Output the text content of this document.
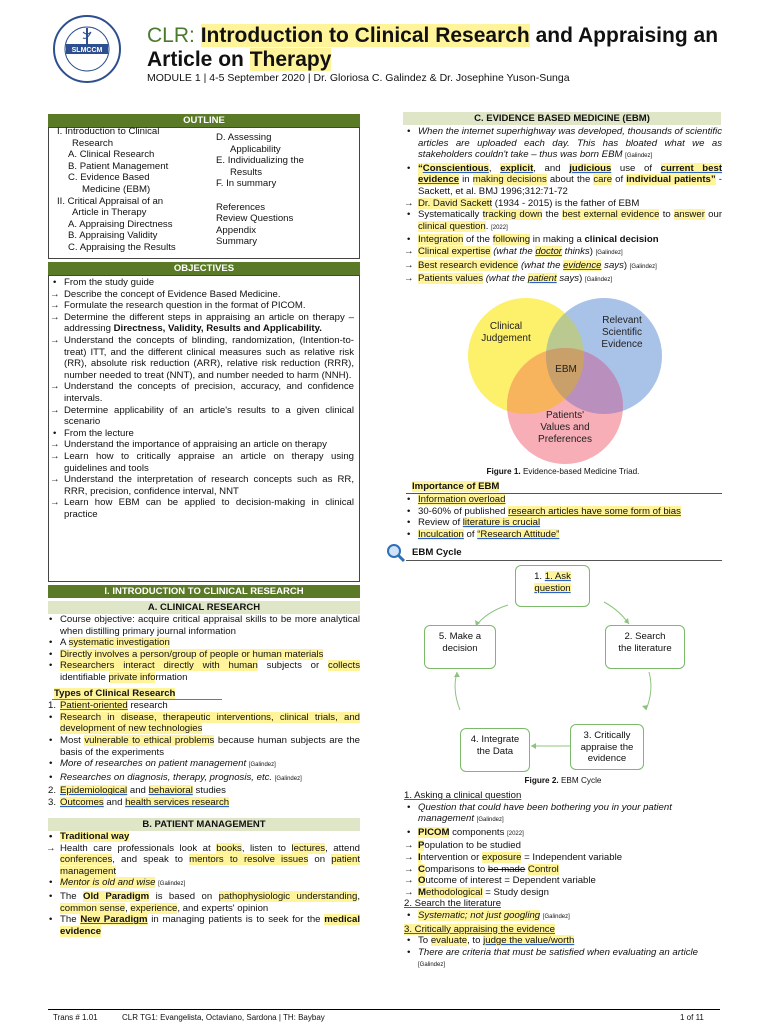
SLMCCM
CLR: Introduction to Clinical Research and Appraising an Article on Therapy
MODULE 1 | 4-5 September 2020 | Dr. Gloriosa C. Galindez & Dr. Josephine Yuson-Sunga
OUTLINE

I. Introduction to Clinical

Research

A. Clinical Research

B. Patient Management

C. Evidence Based

Medicine (EBM)

II. Critical Appraisal of an

Article in Therapy

A. Appraising Directness

B. Appraising Validity

C. Appraising the Results

D. Assessing

Applicability

E. Individualizing the

Results

F. In summary

References

Review Questions

Appendix

Summary

OBJECTIVES

• From the study guide

→ Describe the concept of Evidence Based Medicine.

→ Formulate the research question in the format of PICOM.

→ Determine the different steps in appraising an article on therapy – addressing Directness, Validity, Results and Applicability.

→ Understand the concepts of blinding, randomization, (Intention-to-treat) ITT, and the different clinical measures such as relative risk (RR), absolute risk reduction (ARR), relative risk reduction (RRR), number needed to treat (NNT), and number needed to harm (NNH).

→ Understand the concepts of precision, accuracy, and confidence intervals.

→ Determine applicability of an article's results to a given clinical scenario

• From the lecture

→ Understand the importance of appraising an article on therapy

→ Learn how to critically appraise an article on therapy using guidelines and tools

→ Understand the interpretation of research concepts such as RR, RRR, precision, confidence interval, NNT

→ Learn how EBM can be applied to decision-making in clinical practice

I. INTRODUCTION TO CLINICAL RESEARCH
A. CLINICAL RESEARCH

• Course objective: acquire critical appraisal skills to be more analytical when distilling primary journal information

• A systematic investigation

• Directly involves a person/group of people or human materials

• Researchers interact directly with human subjects or collects identifiable private information

Types of Clinical Research

1. Patient-oriented research

• Research in disease, therapeutic interventions, clinical trials, and development of new technologies

• Most vulnerable to ethical problems because human subjects are the basis of the experiments

• More of researches on patient management [Galindez]

• Researches on diagnosis, therapy, prognosis, etc. [Galindez]

2. Epidemiological and behavioral studies

3. Outcomes and health services research

B. PATIENT MANAGEMENT

• Traditional way

→ Health care professionals look at books, listen to lectures, attend conferences, and speak to mentors to resolve issues on patient management

• Mentor is old and wise [Galindez]

• The Old Paradigm is based on pathophysiologic understanding, common sense, experience, and experts' opinion

• The New Paradigm in managing patients is to seek for the medical evidence

C. EVIDENCE BASED MEDICINE (EBM)

• When the internet superhighway was developed, thousands of scientific articles are uploaded each day. This has bloated what we as stakeholders couldn't take – thus was born EBM [Galindez]

• “Conscientious, explicit, and judicious use of current best evidence in making decisions about the care of individual patients” -Sackett, et al. BMJ 1996;312:71-72

→ Dr. David Sackett (1934 - 2015) is the father of EBM

• Systematically tracking down the best external evidence to answer our clinical question. [2022]

• Integration of the following in making a clinical decision

→ Clinical expertise (what the doctor thinks) [Galindez]

→ Best research evidence (what the evidence says) [Galindez]

→ Patients values (what the patient says) [Galindez]

Clinical
Judgement
Relevant
Scientific
Evidence
EBM
Patients'
Values and
Preferences
Figure 1. Evidence-based Medicine Triad.
Importance of EBM

• Information overload

• 30-60% of published research articles have some form of bias

• Review of literature is crucial

• Inculcation of “Research Attitude”

EBM Cycle
1. 1. Ask
question
2. Search
the literature
3. Critically
appraise the
evidence
4. Integrate
the Data
5. Make a
decision
Figure 2. EBM Cycle

1. Asking a clinical question

• Question that could have been bothering you in your patient management [Galindez]

• PICOM components [2022]

→ Population to be studied

→ Intervention or exposure = Independent variable

→ Comparisons to be made Control

→ Outcome of interest = Dependent variable

→ Methodological = Study design

2. Search the literature

• Systematic; not just googling [Galindez]

3. Critically appraising the evidence

• To evaluate, to judge the value/worth

• There are criteria that must be satisfied when evaluating an article [Galindez]

Trans # 1.01	CLR TG1: Evangelista, Octaviano, Sardona | TH: Baybay	1 of 11
